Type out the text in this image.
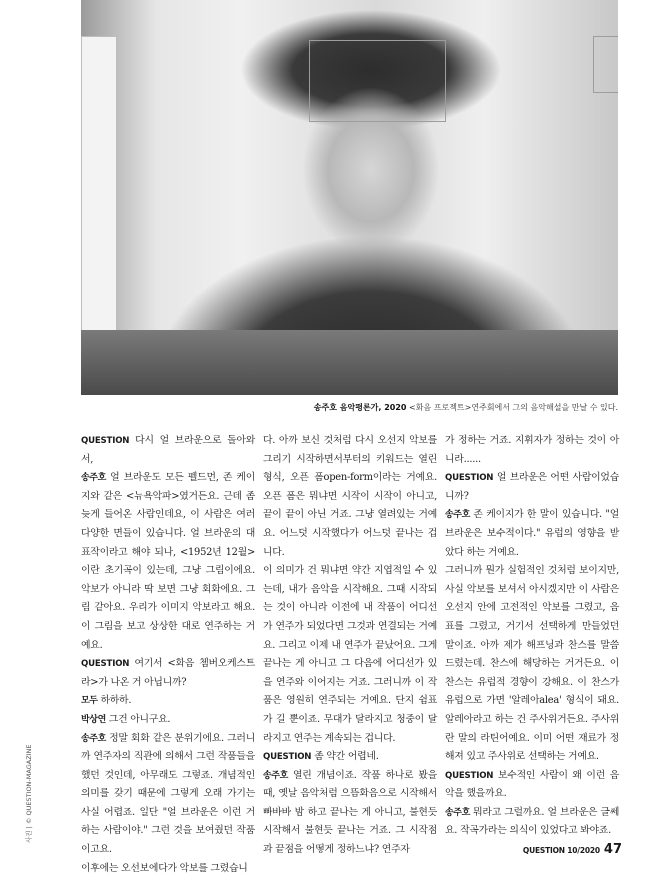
송주호 음악평론가, 2020 <화음 프로젝트>연주회에서 그의 음악해설을 만날 수 있다.

QUESTION 다시 얼 브라운으로 돌아와서,

송주호 얼 브라운도 모든 펠드먼, 존 케이지와 같은 <뉴욕악파>였거든요. 근데 좀 늦게 들어온 사람인데요, 이 사람은 여러 다양한 면들이 있습니다. 얼 브라운의 대표작이라고 해야 되나, <1952년 12월>이란 초기곡이 있는데, 그냥 그림이에요. 악보가 아니라 딱 보면 그냥 회화에요. 그림 같아요. 우리가 이미지 악보라고 해요. 이 그림을 보고 상상한 대로 연주하는 거예요.

QUESTION 여기서 <화음 쳄버오케스트라>가 나온 거 아닙니까?

모두 하하하.

박상연 그건 아니구요.

송주호 정말 회화 같은 분위기에요. 그러니까 연주자의 직관에 의해서 그런 작품들을 했던 것인데, 아무래도 그렇죠. 개념적인 의미를 갖기 때문에 그렇게 오래 가기는 사실 어렵죠. 일단 "얼 브라운은 이런 거 하는 사람이야." 그런 것을 보여줬던 작품이고요.

이후에는 오선보에다가 악보를 그렸습니

다. 아까 보신 것처럼 다시 오선지 악보를 그리기 시작하면서부터의 키워드는 열린 형식, 오픈 폼open-form이라는 거예요. 오픈 폼은 뭐냐면 시작이 시작이 아니고, 끝이 끝이 아닌 거죠. 그냥 열려있는 거예요. 어느덧 시작했다가 어느덧 끝나는 겁니다.

이 의미가 건 뭐냐면 약간 지엽적일 수 있는데, 내가 음악을 시작해요. 그때 시작되는 것이 아니라 이전에 내 작품이 어디선가 연주가 되었다면 그것과 연결되는 거예요. 그리고 이제 내 연주가 끝났어요. 그게 끝나는 게 아니고 그 다음에 어디선가 있을 연주와 이어지는 거죠. 그러니까 이 작품은 영원히 연주되는 거예요. 단지 쉼표가 길 뿐이죠. 무대가 달라지고 청중이 달라지고 연주는 계속되는 겁니다.

QUESTION 좀 약간 어렵네.

송주호 열린 개념이죠. 작품 하나로 봤을 때, 옛날 음악처럼 으뜸화음으로 시작해서 빠바바 밤 하고 끝나는 게 아니고, 불현듯 시작해서 불현듯 끝나는 거죠. 그 시작점과 끝점을 어떻게 정하느냐? 연주자

가 정하는 거죠. 지휘자가 정하는 것이 아니라......

QUESTION 얼 브라운은 어떤 사람이었습니까?

송주호 존 케이지가 한 말이 있습니다. "얼 브라운은 보수적이다." 유럽의 영향을 받았다 하는 거예요.

그러니까 뭔가 실험적인 것처럼 보이지만, 사실 악보를 보셔서 아시겠지만 이 사람은 오선지 안에 고전적인 악보를 그렸고, 음표를 그렸고, 거기서 선택하게 만들었던 말이죠. 아까 제가 해프닝과 찬스를 말씀드렸는데. 찬스에 해당하는 거거든요. 이 찬스는 유럽적 경향이 강해요. 이 찬스가 유럽으로 가면 '알레아alea' 형식이 돼요. 알레아라고 하는 건 주사위거든요. 주사위란 말의 라틴어예요. 이미 어떤 재료가 정해져 있고 주사위로 선택하는 거예요.

QUESTION 보수적인 사람이 왜 이런 음악을 했을까요.

송주호 뭐라고 그럴까요. 얼 브라운은 글쎄요. 작곡가라는 의식이 있었다고 봐야죠.

사진 | © QUESTION-MAGAZINE
QUESTION 10/2020 47
